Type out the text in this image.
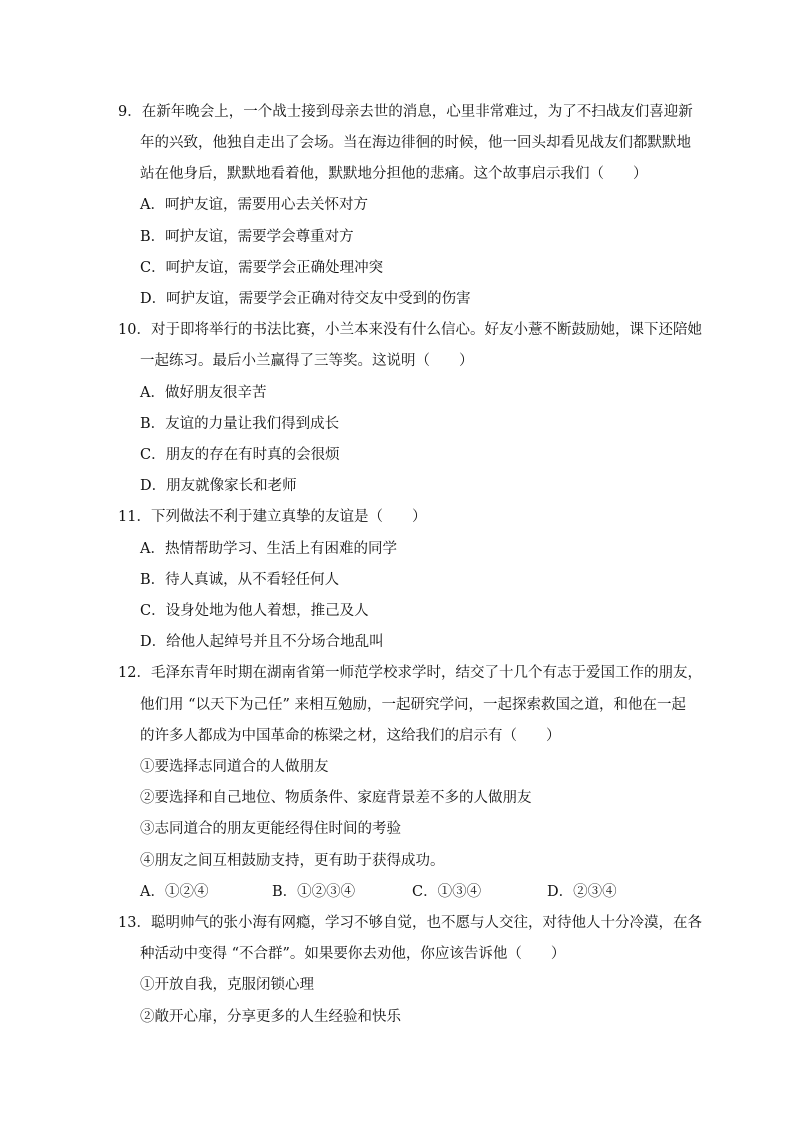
9．在新年晚会上，一个战士接到母亲去世的消息，心里非常难过，为了不扫战友们喜迎新
年的兴致，他独自走出了会场。当在海边徘徊的时候，他一回头却看见战友们都默默地
站在他身后，默默地看着他，默默地分担他的悲痛。这个故事启示我们（　　）
A．呵护友谊，需要用心去关怀对方
B．呵护友谊，需要学会尊重对方
C．呵护友谊，需要学会正确处理冲突
D．呵护友谊，需要学会正确对待交友中受到的伤害
10．对于即将举行的书法比赛，小兰本来没有什么信心。好友小薏不断鼓励她，课下还陪她
一起练习。最后小兰赢得了三等奖。这说明（　　）
A．做好朋友很辛苦
B．友谊的力量让我们得到成长
C．朋友的存在有时真的会很烦
D．朋友就像家长和老师
11．下列做法不利于建立真挚的友谊是（　　）
A．热情帮助学习、生活上有困难的同学
B．待人真诚，从不看轻任何人
C．设身处地为他人着想，推己及人
D．给他人起绰号并且不分场合地乱叫
12．毛泽东青年时期在湖南省第一师范学校求学时，结交了十几个有志于爱国工作的朋友，
他们用 “以天下为己任” 来相互勉励，一起研究学问，一起探索救国之道，和他在一起
的许多人都成为中国革命的栋梁之材，这给我们的启示有（　　）
①要选择志同道合的人做朋友
②要选择和自己地位、物质条件、家庭背景差不多的人做朋友
③志同道合的朋友更能经得住时间的考验
④朋友之间互相鼓励支持，更有助于获得成功。
A．①②④	B．①②③④	C．①③④	D．②③④
13．聪明帅气的张小海有网瘾，学习不够自觉，也不愿与人交往，对待他人十分冷漠，在各
种活动中变得 “不合群”。如果要你去劝他，你应该告诉他（　　）
①开放自我，克服闭锁心理
②敞开心扉，分享更多的人生经验和快乐
